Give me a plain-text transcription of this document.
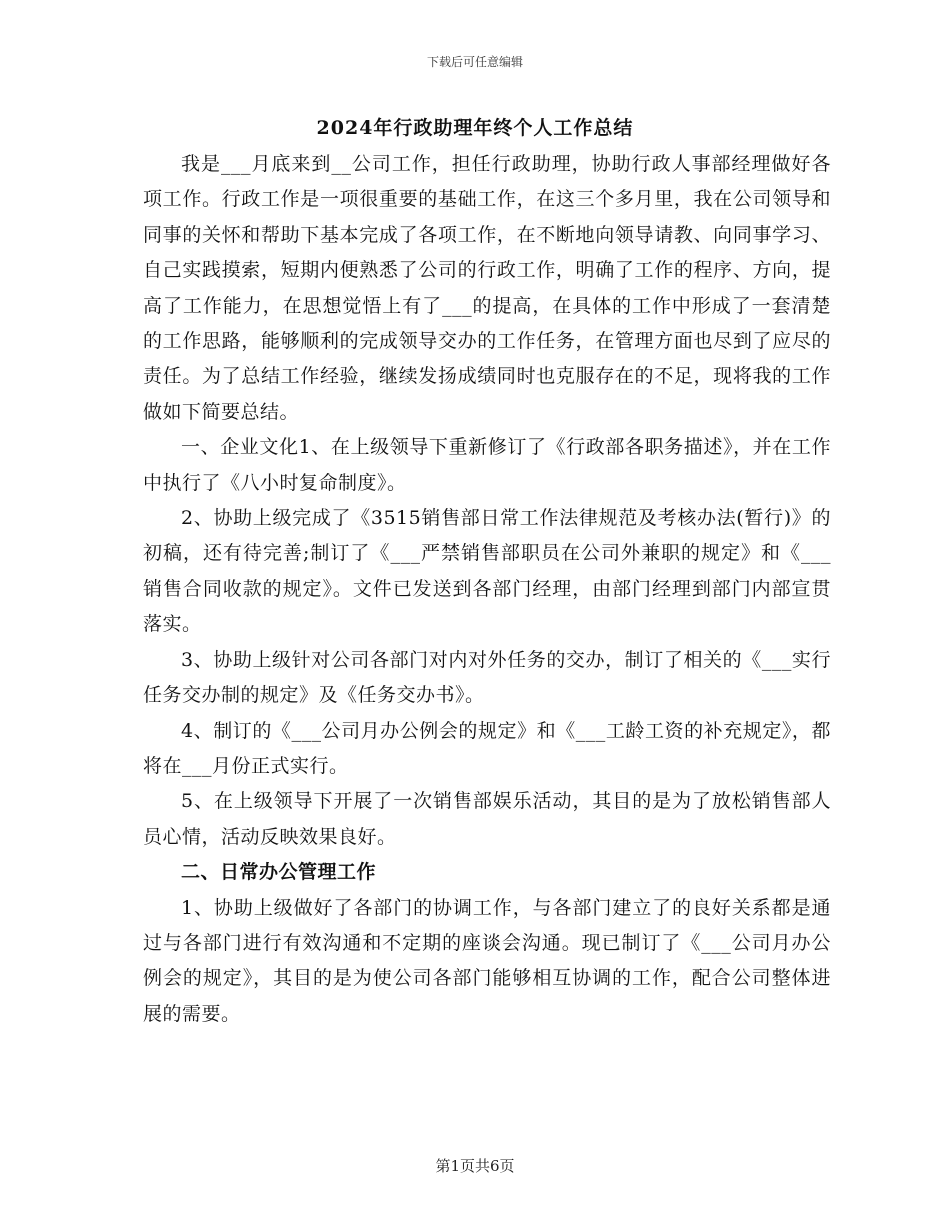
下载后可任意编辑
2024年行政助理年终个人工作总结

我是___月底来到__公司工作，担任行政助理，协助行政人事部经理做好各项工作。行政工作是一项很重要的基础工作，在这三个多月里，我在公司领导和同事的关怀和帮助下基本完成了各项工作，在不断地向领导请教、向同事学习、自己实践摸索，短期内便熟悉了公司的行政工作，明确了工作的程序、方向，提高了工作能力，在思想觉悟上有了___的提高，在具体的工作中形成了一套清楚的工作思路，能够顺利的完成领导交办的工作任务，在管理方面也尽到了应尽的责任。为了总结工作经验，继续发扬成绩同时也克服存在的不足，现将我的工作做如下简要总结。

一、企业文化1、在上级领导下重新修订了《行政部各职务描述》，并在工作中执行了《八小时复命制度》。

2、协助上级完成了《3515销售部日常工作法律规范及考核办法(暂行)》的初稿，还有待完善;制订了《___严禁销售部职员在公司外兼职的规定》和《___销售合同收款的规定》。文件已发送到各部门经理，由部门经理到部门内部宣贯落实。

3、协助上级针对公司各部门对内对外任务的交办，制订了相关的《___实行任务交办制的规定》及《任务交办书》。

4、制订的《___公司月办公例会的规定》和《___工龄工资的补充规定》，都将在___月份正式实行。

5、在上级领导下开展了一次销售部娱乐活动，其目的是为了放松销售部人员心情，活动反映效果良好。

二、日常办公管理工作

1、协助上级做好了各部门的协调工作，与各部门建立了的良好关系都是通过与各部门进行有效沟通和不定期的座谈会沟通。现已制订了《___公司月办公例会的规定》，其目的是为使公司各部门能够相互协调的工作，配合公司整体进展的需要。

第1页共6页
